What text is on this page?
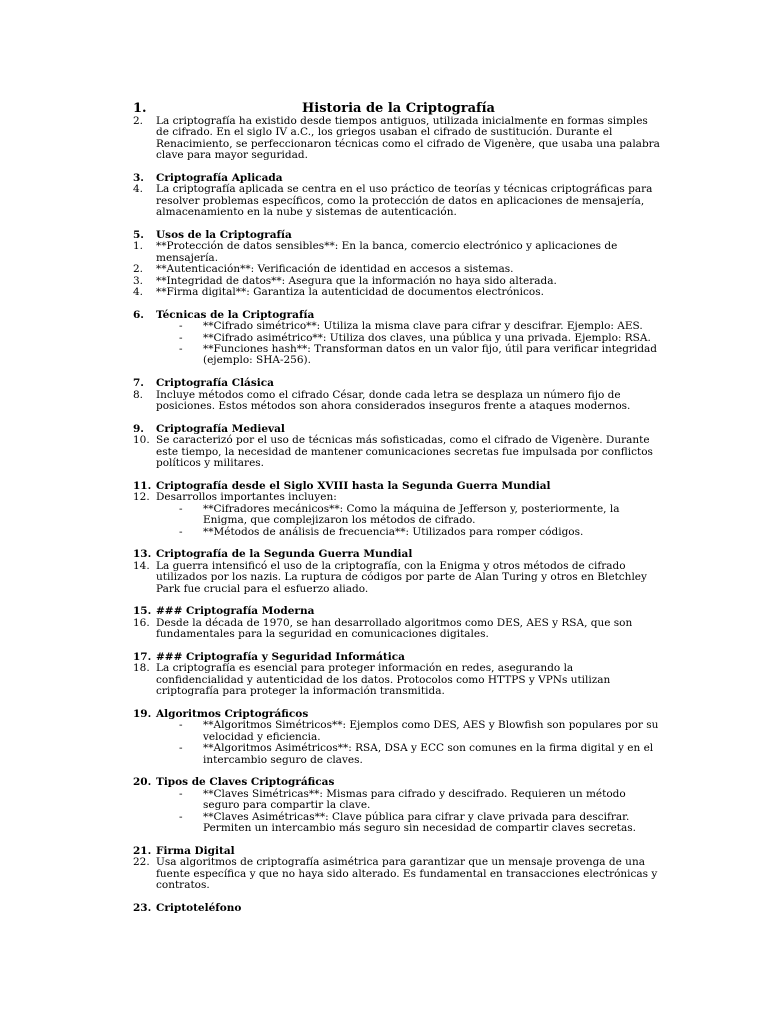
1.	Historia de la Criptografía
2. La criptografía ha existido desde tiempos antiguos, utilizada inicialmente en formas simples de cifrado. En el siglo IV a.C., los griegos usaban el cifrado de sustitución. Durante el Renacimiento, se perfeccionaron técnicas como el cifrado de Vigenère, que usaba una palabra clave para mayor seguridad.
3. Criptografía Aplicada
4. La criptografía aplicada se centra en el uso práctico de teorías y técnicas criptográficas para resolver problemas específicos, como la protección de datos en aplicaciones de mensajería, almacenamiento en la nube y sistemas de autenticación.
5. Usos de la Criptografía
1. **Protección de datos sensibles**: En la banca, comercio electrónico y aplicaciones de mensajería.
2. **Autenticación**: Verificación de identidad en accesos a sistemas.
3. **Integridad de datos**: Asegura que la información no haya sido alterada.
4. **Firma digital**: Garantiza la autenticidad de documentos electrónicos.
6. Técnicas de la Criptografía
- **Cifrado simétrico**: Utiliza la misma clave para cifrar y descifrar. Ejemplo: AES.
- **Cifrado asimétrico**: Utiliza dos claves, una pública y una privada. Ejemplo: RSA.
- **Funciones hash**: Transforman datos en un valor fijo, útil para verificar integridad (ejemplo: SHA-256).
7. Criptografía Clásica
8. Incluye métodos como el cifrado César, donde cada letra se desplaza un número fijo de posiciones. Estos métodos son ahora considerados inseguros frente a ataques modernos.
9. Criptografía Medieval
10. Se caracterizó por el uso de técnicas más sofisticadas, como el cifrado de Vigenère. Durante este tiempo, la necesidad de mantener comunicaciones secretas fue impulsada por conflictos políticos y militares.
11. Criptografía desde el Siglo XVIII hasta la Segunda Guerra Mundial
12. Desarrollos importantes incluyen:
- **Cifradores mecánicos**: Como la máquina de Jefferson y, posteriormente, la Enigma, que complejizaron los métodos de cifrado.
- **Métodos de análisis de frecuencia**: Utilizados para romper códigos.
13. Criptografía de la Segunda Guerra Mundial
14. La guerra intensificó el uso de la criptografía, con la Enigma y otros métodos de cifrado utilizados por los nazis. La ruptura de códigos por parte de Alan Turing y otros en Bletchley Park fue crucial para el esfuerzo aliado.
15. ### Criptografía Moderna
16. Desde la década de 1970, se han desarrollado algoritmos como DES, AES y RSA, que son fundamentales para la seguridad en comunicaciones digitales.
17. ### Criptografía y Seguridad Informática
18. La criptografía es esencial para proteger información en redes, asegurando la confidencialidad y autenticidad de los datos. Protocolos como HTTPS y VPNs utilizan criptografía para proteger la información transmitida.
19. Algoritmos Criptográficos
- **Algoritmos Simétricos**: Ejemplos como DES, AES y Blowfish son populares por su velocidad y eficiencia.
- **Algoritmos Asimétricos**: RSA, DSA y ECC son comunes en la firma digital y en el intercambio seguro de claves.
20. Tipos de Claves Criptográficas
- **Claves Simétricas**: Mismas para cifrado y descifrado. Requieren un método seguro para compartir la clave.
- **Claves Asimétricas**: Clave pública para cifrar y clave privada para descifrar. Permiten un intercambio más seguro sin necesidad de compartir claves secretas.
21. Firma Digital
22. Usa algoritmos de criptografía asimétrica para garantizar que un mensaje provenga de una fuente específica y que no haya sido alterado. Es fundamental en transacciones electrónicas y contratos.
23. Criptoteléfono
